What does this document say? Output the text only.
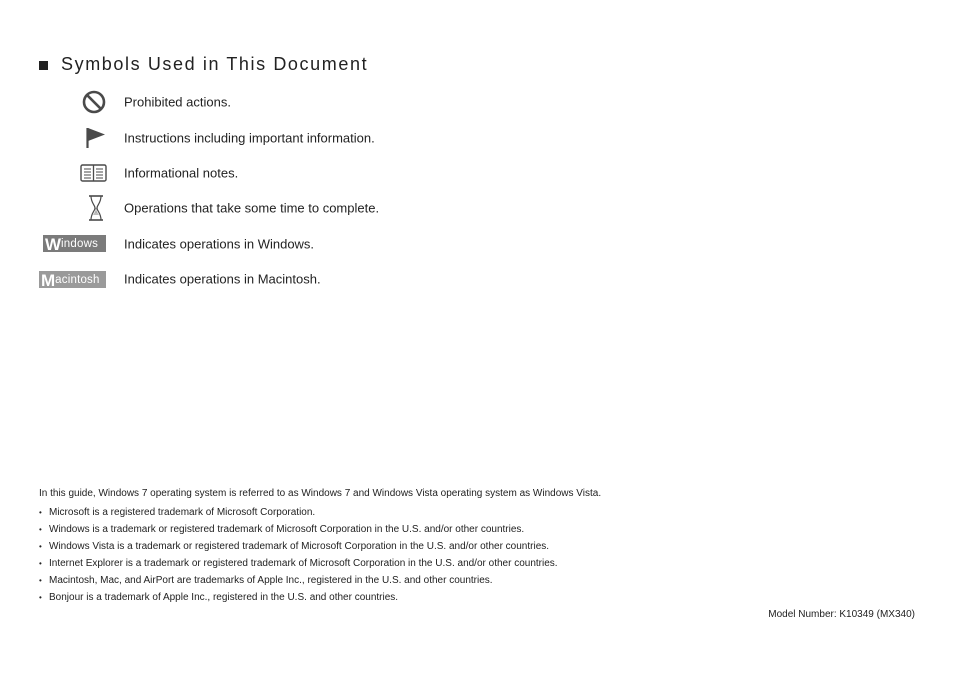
Symbols Used in This Document
Prohibited actions.
Instructions including important information.
Informational notes.
Operations that take some time to complete.
W indows Indicates operations in Windows.
M acintosh Indicates operations in Macintosh.

In this guide, Windows 7 operating system is referred to as Windows 7 and Windows Vista operating system as Windows Vista.

• Microsoft is a registered trademark of Microsoft Corporation.
• Windows is a trademark or registered trademark of Microsoft Corporation in the U.S. and/or other countries.
• Windows Vista is a trademark or registered trademark of Microsoft Corporation in the U.S. and/or other countries.
• Internet Explorer is a trademark or registered trademark of Microsoft Corporation in the U.S. and/or other countries.
• Macintosh, Mac, and AirPort are trademarks of Apple Inc., registered in the U.S. and other countries.
• Bonjour is a trademark of Apple Inc., registered in the U.S. and other countries.
Model Number: K10349 (MX340)
